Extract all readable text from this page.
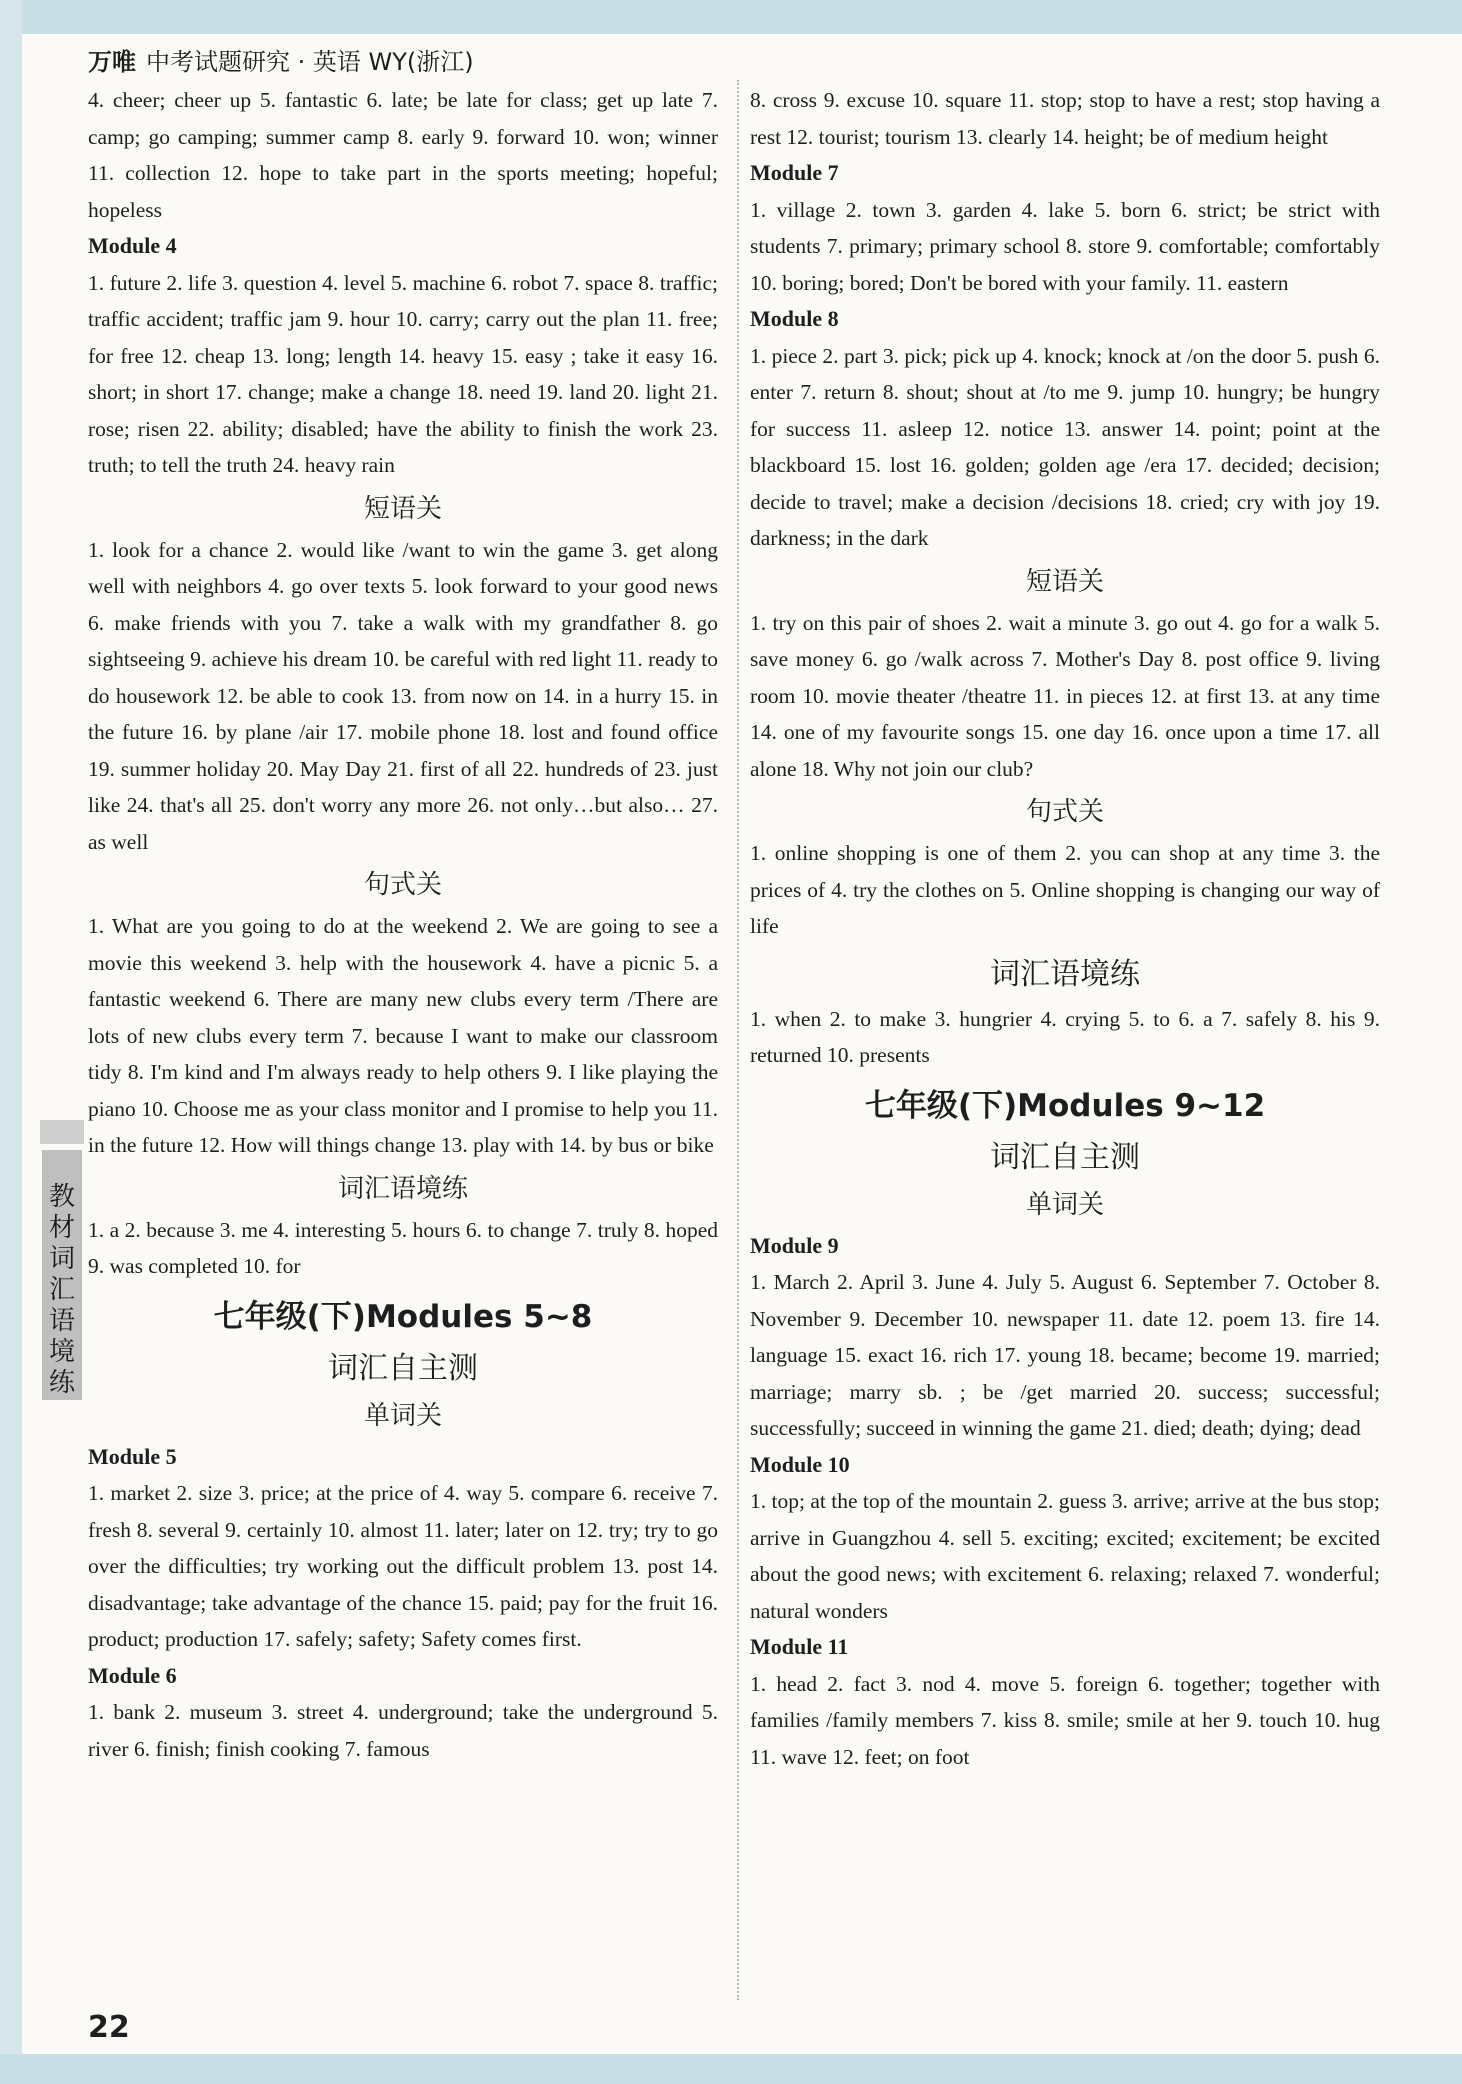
万唯 中考试题研究 · 英语 WY(浙江)

4. cheer; cheer up 5. fantastic 6. late; be late for class; get up late 7. camp; go camping; summer camp 8. early 9. forward 10. won; winner 11. collection 12. hope to take part in the sports meeting; hopeful; hopeless

Module 4

1. future 2. life 3. question 4. level 5. machine 6. robot 7. space 8. traffic; traffic accident; traffic jam 9. hour 10. carry; carry out the plan 11. free; for free 12. cheap 13. long; length 14. heavy 15. easy ; take it easy 16. short; in short 17. change; make a change 18. need 19. land 20. light 21. rose; risen 22. ability; disabled; have the ability to finish the work 23. truth; to tell the truth 24. heavy rain

短语关

1. look for a chance 2. would like /want to win the game 3. get along well with neighbors 4. go over texts 5. look forward to your good news 6. make friends with you 7. take a walk with my grandfather 8. go sightseeing 9. achieve his dream 10. be careful with red light 11. ready to do housework 12. be able to cook 13. from now on 14. in a hurry 15. in the future 16. by plane /air 17. mobile phone 18. lost and found office 19. summer holiday 20. May Day 21. first of all 22. hundreds of 23. just like 24. that's all 25. don't worry any more 26. not only…but also… 27. as well

句式关

1. What are you going to do at the weekend 2. We are going to see a movie this weekend 3. help with the housework 4. have a picnic 5. a fantastic weekend 6. There are many new clubs every term /There are lots of new clubs every term 7. because I want to make our classroom tidy 8. I'm kind and I'm always ready to help others 9. I like playing the piano 10. Choose me as your class monitor and I promise to help you 11. in the future 12. How will things change 13. play with 14. by bus or bike

词汇语境练

1. a 2. because 3. me 4. interesting 5. hours 6. to change 7. truly 8. hoped 9. was completed 10. for

七年级(下)Modules 5~8
词汇自主测
单词关

Module 5

1. market 2. size 3. price; at the price of 4. way 5. compare 6. receive 7. fresh 8. several 9. certainly 10. almost 11. later; later on 12. try; try to go over the difficulties; try working out the difficult problem 13. post 14. disadvantage; take advantage of the chance 15. paid; pay for the fruit 16. product; production 17. safely; safety; Safety comes first.

Module 6

1. bank 2. museum 3. street 4. underground; take the underground 5. river 6. finish; finish cooking 7. famous

8. cross 9. excuse 10. square 11. stop; stop to have a rest; stop having a rest 12. tourist; tourism 13. clearly 14. height; be of medium height

Module 7

1. village 2. town 3. garden 4. lake 5. born 6. strict; be strict with students 7. primary; primary school 8. store 9. comfortable; comfortably 10. boring; bored; Don't be bored with your family. 11. eastern

Module 8

1. piece 2. part 3. pick; pick up 4. knock; knock at /on the door 5. push 6. enter 7. return 8. shout; shout at /to me 9. jump 10. hungry; be hungry for success 11. asleep 12. notice 13. answer 14. point; point at the blackboard 15. lost 16. golden; golden age /era 17. decided; decision; decide to travel; make a decision /decisions 18. cried; cry with joy 19. darkness; in the dark

短语关

1. try on this pair of shoes 2. wait a minute 3. go out 4. go for a walk 5. save money 6. go /walk across 7. Mother's Day 8. post office 9. living room 10. movie theater /theatre 11. in pieces 12. at first 13. at any time 14. one of my favourite songs 15. one day 16. once upon a time 17. all alone 18. Why not join our club?

句式关

1. online shopping is one of them 2. you can shop at any time 3. the prices of 4. try the clothes on 5. Online shopping is changing our way of life

词汇语境练

1. when 2. to make 3. hungrier 4. crying 5. to 6. a 7. safely 8. his 9. returned 10. presents

七年级(下)Modules 9~12
词汇自主测
单词关

Module 9

1. March 2. April 3. June 4. July 5. August 6. September 7. October 8. November 9. December 10. newspaper 11. date 12. poem 13. fire 14. language 15. exact 16. rich 17. young 18. became; become 19. married; marriage; marry sb. ; be /get married 20. success; successful; successfully; succeed in winning the game 21. died; death; dying; dead

Module 10

1. top; at the top of the mountain 2. guess 3. arrive; arrive at the bus stop; arrive in Guangzhou 4. sell 5. exciting; excited; excitement; be excited about the good news; with excitement 6. relaxing; relaxed 7. wonderful; natural wonders

Module 11

1. head 2. fact 3. nod 4. move 5. foreign 6. together; together with families /family members 7. kiss 8. smile; smile at her 9. touch 10. hug 11. wave 12. feet; on foot

教材词汇语境练
22
